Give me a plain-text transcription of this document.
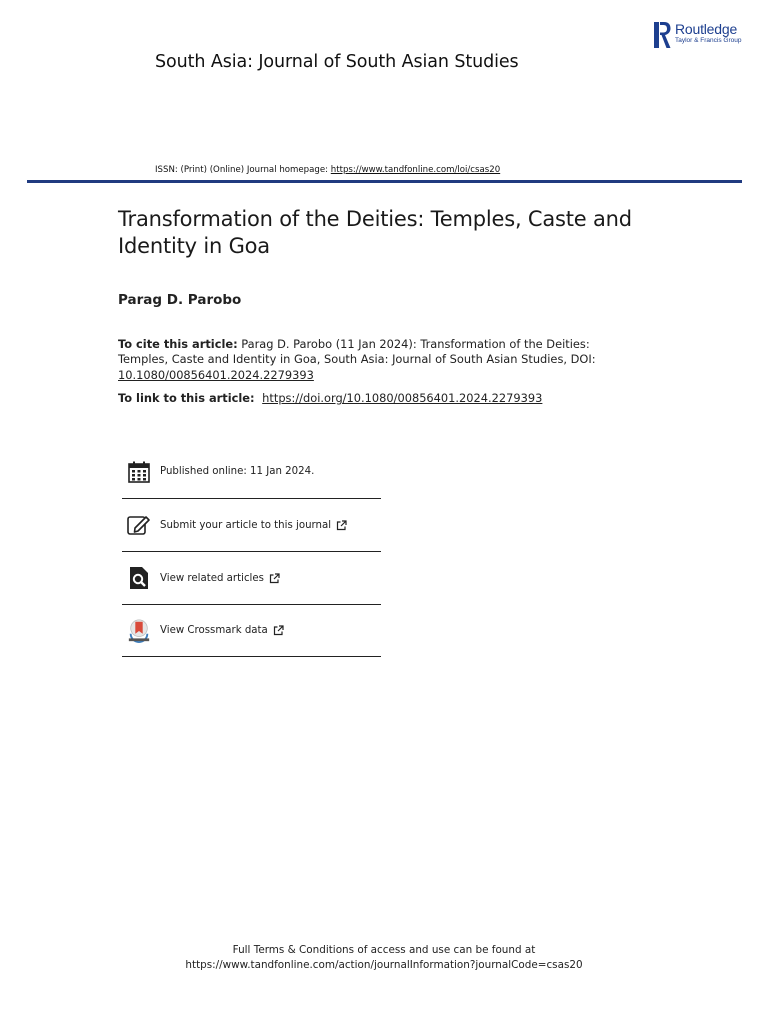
Routledge
Taylor & Francis Group
South Asia: Journal of South Asian Studies
ISSN: (Print) (Online) Journal homepage: https://www.tandfonline.com/loi/csas20
Transformation of the Deities: Temples, Caste and Identity in Goa
Parag D. Parobo
To cite this article: Parag D. Parobo (11 Jan 2024): Transformation of the Deities: Temples, Caste and Identity in Goa, South Asia: Journal of South Asian Studies, DOI: 10.1080/00856401.2024.2279393
To link to this article: https://doi.org/10.1080/00856401.2024.2279393
Published online: 11 Jan 2024.
Submit your article to this journal
View related articles
View Crossmark data
Full Terms & Conditions of access and use can be found at
https://www.tandfonline.com/action/journalInformation?journalCode=csas20
